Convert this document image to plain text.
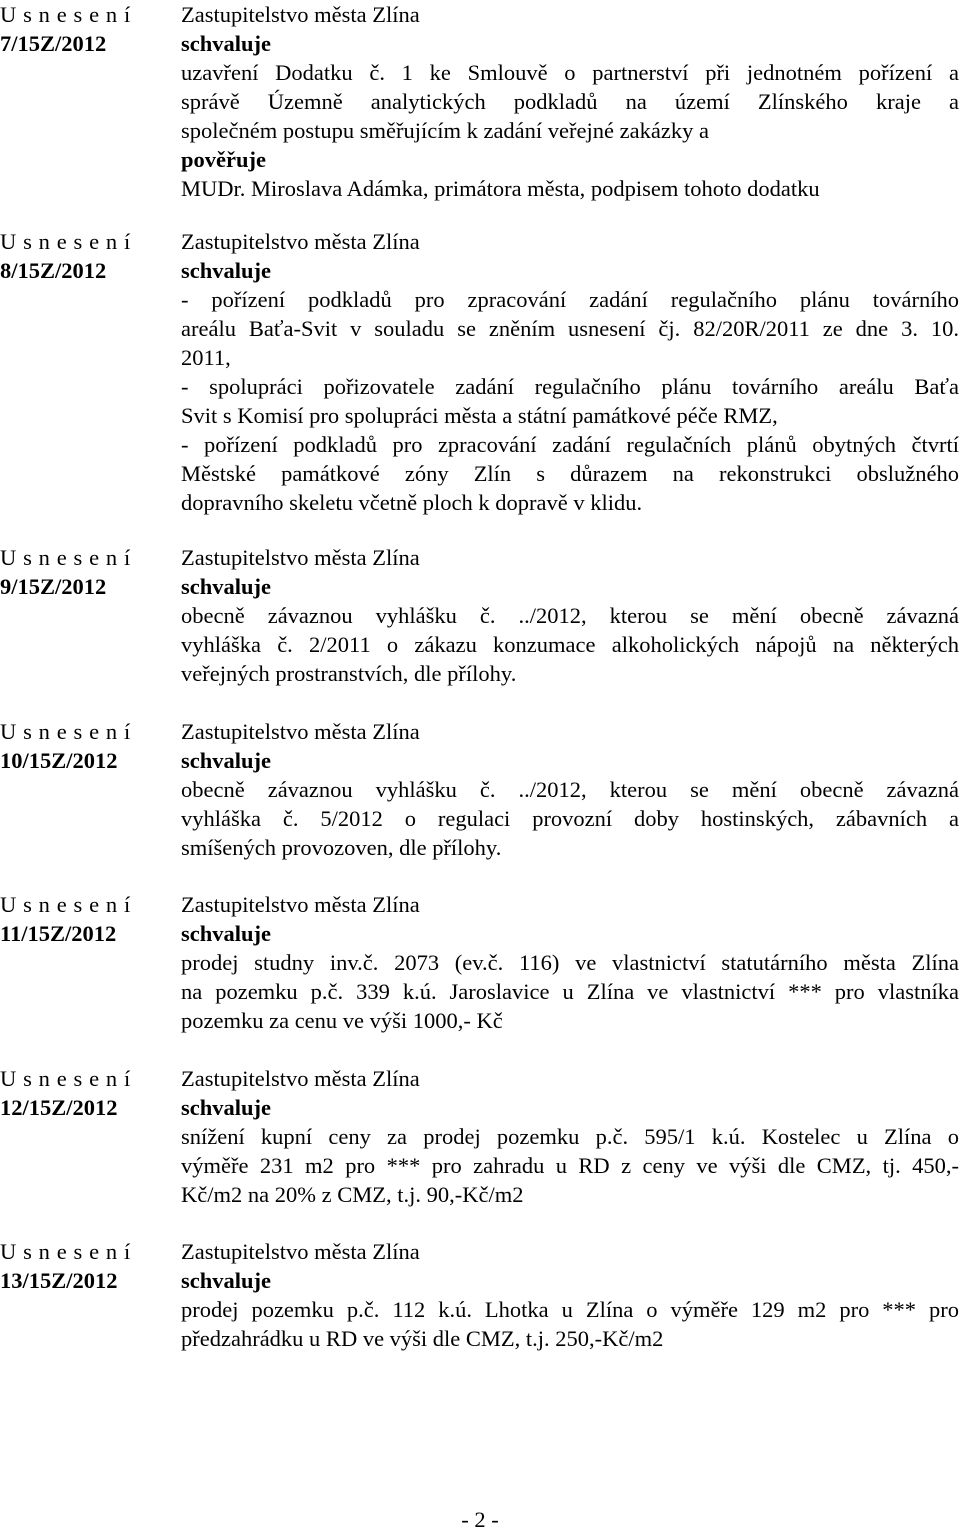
U s n e s e n í
7/15Z/2012
Zastupitelstvo města Zlína
schvaluje
uzavření Dodatku č. 1 ke Smlouvě o partnerství při jednotném pořízení a
správě Územně analytických podkladů na území Zlínského kraje a
společném postupu směřujícím k zadání veřejné zakázky a
pověřuje
MUDr. Miroslava Adámka, primátora města, podpisem tohoto dodatku
U s n e s e n í
8/15Z/2012
Zastupitelstvo města Zlína
schvaluje
- pořízení podkladů pro zpracování zadání regulačního plánu továrního
areálu Baťa-Svit v souladu se zněním usnesení čj. 82/20R/2011 ze dne 3. 10.
2011,
- spolupráci pořizovatele zadání regulačního plánu továrního areálu Baťa
Svit s Komisí pro spolupráci města a státní památkové péče RMZ,
- pořízení podkladů pro zpracování zadání regulačních plánů obytných čtvrtí
Městské památkové zóny Zlín s důrazem na rekonstrukci obslužného
dopravního skeletu včetně ploch k dopravě v klidu.
U s n e s e n í
9/15Z/2012
Zastupitelstvo města Zlína
schvaluje
obecně závaznou vyhlášku č. ../2012, kterou se mění obecně závazná
vyhláška č. 2/2011 o zákazu konzumace alkoholických nápojů na některých
veřejných prostranstvích, dle přílohy.
U s n e s e n í
10/15Z/2012
Zastupitelstvo města Zlína
schvaluje
obecně závaznou vyhlášku č. ../2012, kterou se mění obecně závazná
vyhláška č. 5/2012 o regulaci provozní doby hostinských, zábavních a
smíšených provozoven, dle přílohy.
U s n e s e n í
11/15Z/2012
Zastupitelstvo města Zlína
schvaluje
prodej studny inv.č. 2073 (ev.č. 116) ve vlastnictví statutárního města Zlína
na pozemku p.č. 339 k.ú. Jaroslavice u Zlína ve vlastnictví *** pro vlastníka
pozemku za cenu ve výši 1000,- Kč
U s n e s e n í
12/15Z/2012
Zastupitelstvo města Zlína
schvaluje
snížení kupní ceny za prodej pozemku p.č. 595/1 k.ú. Kostelec u Zlína o
výměře 231 m2 pro *** pro zahradu u RD z ceny ve výši dle CMZ, tj. 450,-
Kč/m2 na 20% z CMZ, t.j. 90,-Kč/m2
U s n e s e n í
13/15Z/2012
Zastupitelstvo města Zlína
schvaluje
prodej pozemku p.č. 112 k.ú. Lhotka u Zlína o výměře 129 m2 pro *** pro
předzahrádku u RD ve výši dle CMZ, t.j. 250,-Kč/m2
- 2 -
